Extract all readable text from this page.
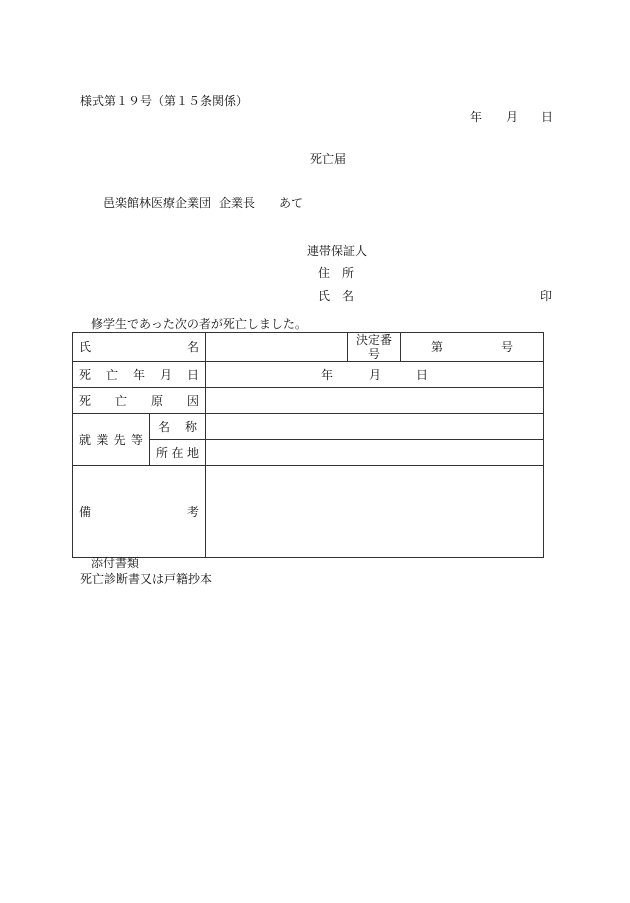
様式第１９号（第１５条関係）
年 月 日
死亡届
邑楽館林医療企業団 企業長 あて
連帯保証人
住 所
氏 名	印
修学生であった次の者が死亡しました。
氏 名			決定番号	第 号

死 亡 年 月 日		年 月 日		

死 亡 原 因				

就 業 先 等	名 称			

	所 在 地			

備 考				

添付書類
死亡診断書又は戸籍抄本
